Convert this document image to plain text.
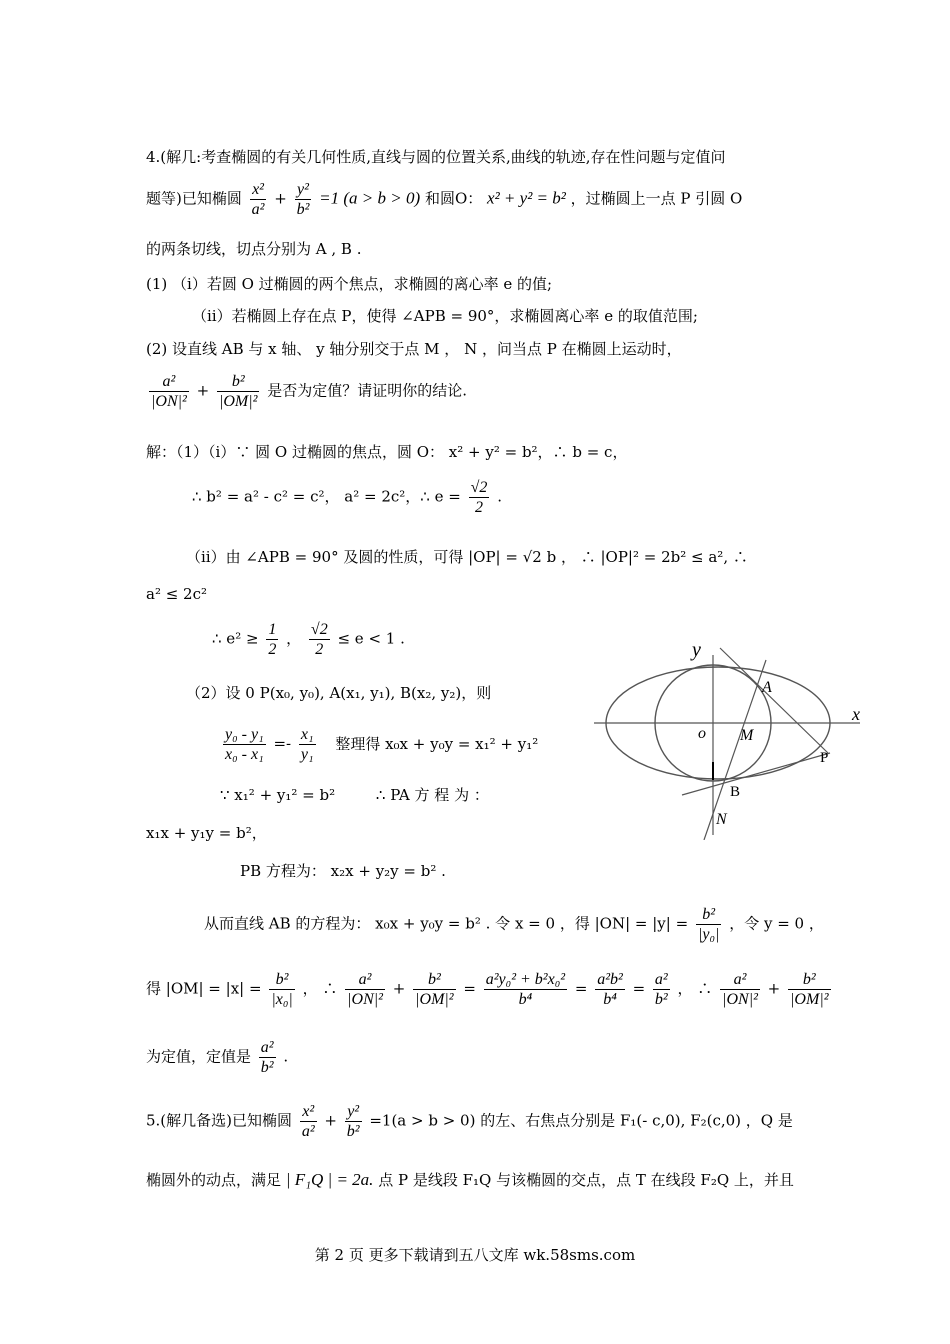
4.(解几:考查椭圆的有关几何性质,直线与圆的位置关系,曲线的轨迹,存在性问题与定值问
题等)已知椭圆 $\frac{\text{x²}}{\text{a²}} + \frac{\text{y²}}{\text{b²}} =1$ (a > b > 0) 和圆O： x² + y² = b² ，过椭圆上一点 P 引圆 O
的两条切线，切点分别为 A , B .
(1) （ⅰ）若圆 O 过椭圆的两个焦点，求椭圆的离心率 e 的值;
（ⅱ）若椭圆上存在点 P，使得 ∠APB = 90°，求椭圆离心率 e 的取值范围;
(2) 设直线 AB 与 x 轴、 y 轴分别交于点 M ， N ，问当点 P 在椭圆上运动时，
$\frac{\text{a²}}{\text{|ON|²}} + \frac{\text{b²}}{\text{|OM|²}}$ 是否为定值？请证明你的结论.
解：（1）（ⅰ）∵ 圆 O 过椭圆的焦点，圆 O： x² + y² = b²，∴ b = c，
∴ b² = a² - c² = c²， a² = 2c²，∴ $e = \frac{√2}{2}$ .
（ⅱ）由 ∠APB = 90° 及圆的性质，可得 |OP| = √2 b ， ∴ |OP|² = 2b² ≤ a², ∴
a² ≤ 2c²
∴ $e^2 \ge \frac{1}{2}$ ， $\frac{√2}{2} \le e < 1$ .
（2）设 0 P(x₀, y₀), A(x₁, y₁), B(x₂, y₂)，则
$\frac{\text{y₀ - y₁}}{\text{x₀ - x₁}} =- \frac{\text{x₁}}{\text{y₁}}$ 整理得 x₀x + y₀y = x₁² + y₁²
∵ x₁² + y₁² = b²	∴ PA 方 程 为 ：
x₁x + y₁y = b²，
PB 方程为： x₂x + y₂y = b² .
从而直线 AB 的方程为： x₀x + y₀y = b² . 令 x = 0 ，得 $|ON| = |y| = \frac{\text{b²}}{\text{|y₀|}}$ ，令 y = 0 ，
得 $|OM| = |x| = \frac{\text{b²}}{\text{|x₀|}}$ ， ∴ $\frac{\text{a²}}{\text{|ON|²}} + \frac{\text{b²}}{\text{|OM|²}} = \frac{\text{a²y₀² + b²x₀²}}{\text{b⁴}} = \frac{\text{a²b²}}{\text{b⁴}} = \frac{\text{a²}}{\text{b²}}$ ， ∴ $\frac{\text{a²}}{\text{|ON|²}} + \frac{\text{b²}}{\text{|OM|²}}$
为定值，定值是 $\frac{\text{a²}}{\text{b²}}$ .
5.(解几备选)已知椭圆 $\frac{\text{x²}}{\text{a²}} + \frac{\text{y²}}{\text{b²}} =1(a > b > 0)$ 的左、右焦点分别是 F₁(- c,0), F₂(c,0) ，Q 是
椭圆外的动点，满足 | F₁Q | = 2a. 点 P 是线段 F₁Q 与该椭圆的交点，点 T 在线段 F₂Q 上，并且
y
x
o
A
M
P
B
N
第 2 页 更多下载请到五八文库 wk.58sms.com
